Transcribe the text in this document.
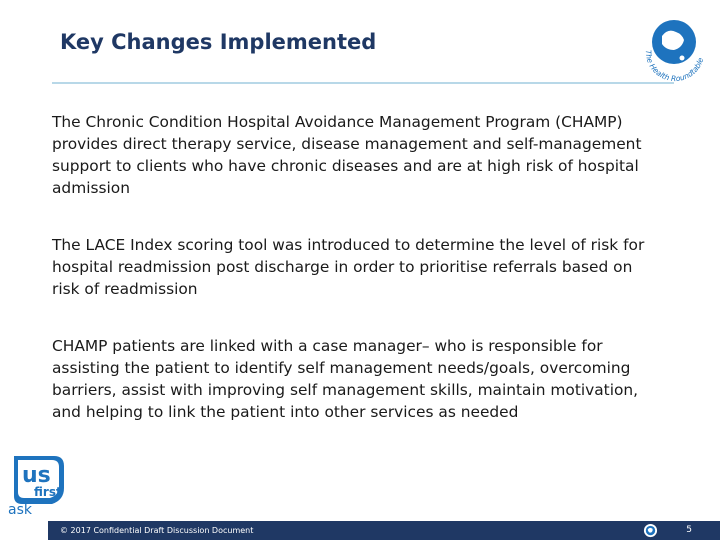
Key Changes Implemented	The Health Roundtable
The Chronic Condition Hospital Avoidance Management Program (CHAMP) provides direct therapy service, disease management and self-management support to clients who have chronic diseases and are at high risk of hospital admission
The LACE Index scoring tool was introduced to determine the level of risk for hospital readmission post discharge in order to prioritise referrals based on risk of readmission
CHAMP patients are linked with a case manager– who is responsible for assisting the patient to identify self management needs/goals, overcoming barriers, assist with improving self management skills, maintain motivation, and helping to link the patient into other services as needed
us
first
ask
© 2017 Confidential Draft Discussion Document	5
